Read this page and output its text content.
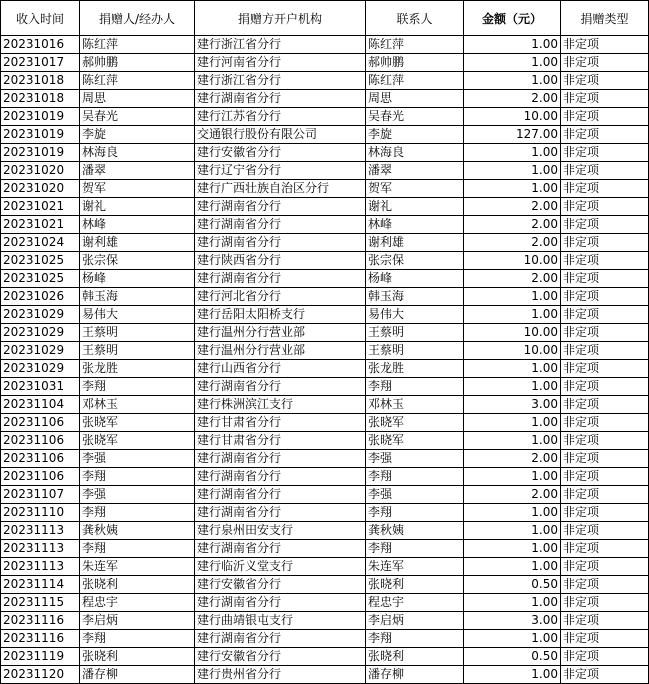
收入时间	捐赠人/经办人	捐赠方开户机构	联系人	金额（元）	捐赠类型
20231016	陈红萍	建行浙江省分行	陈红萍	1.00	非定项
20231017	郝帅鹏	建行河南省分行	郝帅鹏	1.00	非定项
20231018	陈红萍	建行浙江省分行	陈红萍	1.00	非定项
20231018	周思	建行湖南省分行	周思	2.00	非定项
20231019	吴春光	建行江苏省分行	吴春光	10.00	非定项
20231019	李旋	交通银行股份有限公司	李旋	127.00	非定项
20231019	林海良	建行安徽省分行	林海良	1.00	非定项
20231020	潘翠	建行辽宁省分行	潘翠	1.00	非定项
20231020	贺军	建行广西壮族自治区分行	贺军	1.00	非定项
20231021	谢礼	建行湖南省分行	谢礼	2.00	非定项
20231021	林峰	建行湖南省分行	林峰	2.00	非定项
20231024	谢利雄	建行湖南省分行	谢利雄	2.00	非定项
20231025	张宗保	建行陕西省分行	张宗保	10.00	非定项
20231025	杨峰	建行湖南省分行	杨峰	2.00	非定项
20231026	韩玉海	建行河北省分行	韩玉海	1.00	非定项
20231029	易伟大	建行岳阳太阳桥支行	易伟大	1.00	非定项
20231029	王蔡明	建行温州分行营业部	王蔡明	10.00	非定项
20231029	王蔡明	建行温州分行营业部	王蔡明	10.00	非定项
20231029	张龙胜	建行山西省分行	张龙胜	1.00	非定项
20231031	李翔	建行湖南省分行	李翔	1.00	非定项
20231104	邓林玉	建行株洲滨江支行	邓林玉	3.00	非定项
20231106	张晓军	建行甘肃省分行	张晓军	1.00	非定项
20231106	张晓军	建行甘肃省分行	张晓军	1.00	非定项
20231106	李强	建行湖南省分行	李强	2.00	非定项
20231106	李翔	建行湖南省分行	李翔	1.00	非定项
20231107	李强	建行湖南省分行	李强	2.00	非定项
20231110	李翔	建行湖南省分行	李翔	1.00	非定项
20231113	龚秋姨	建行泉州田安支行	龚秋姨	1.00	非定项
20231113	李翔	建行湖南省分行	李翔	1.00	非定项
20231113	朱连军	建行临沂义堂支行	朱连军	1.00	非定项
20231114	张晓利	建行安徽省分行	张晓利	0.50	非定项
20231115	程忠宇	建行湖南省分行	程忠宇	1.00	非定项
20231116	李启炳	建行曲靖银屯支行	李启炳	3.00	非定项
20231116	李翔	建行湖南省分行	李翔	1.00	非定项
20231119	张晓利	建行安徽省分行	张晓利	0.50	非定项
20231120	潘存柳	建行贵州省分行	潘存柳	1.00	非定项
